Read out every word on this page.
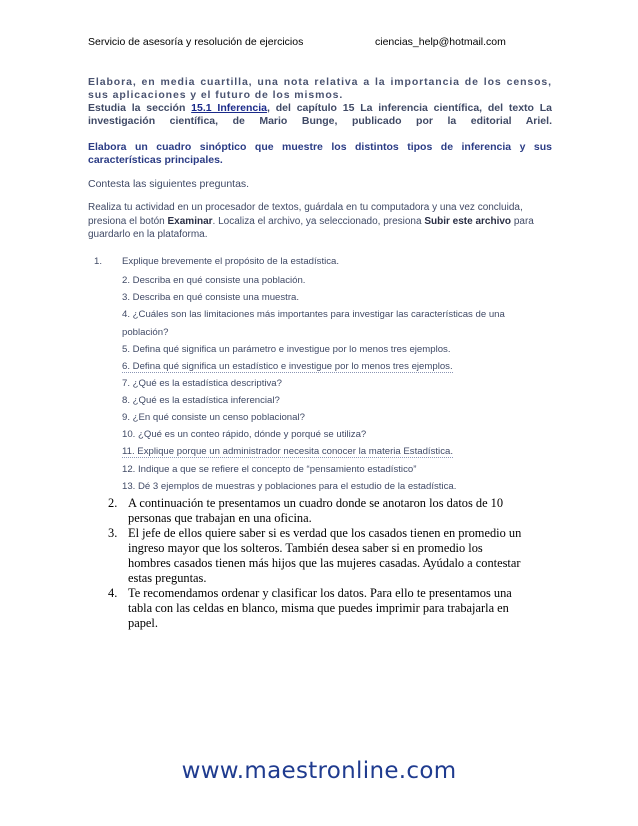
Servicio de asesoría y resolución de ejercicios	ciencias_help@hotmail.com
Elabora, en media cuartilla, una nota relativa a la importancia de los censos, sus aplicaciones y el futuro de los mismos.
Estudia la sección 15.1 Inferencia, del capítulo 15 La inferencia científica, del texto La
investigación científica, de Mario Bunge, publicado por la editorial Ariel.
Elabora un cuadro sinóptico que muestre los distintos tipos de inferencia y sus características principales.
Contesta las siguientes preguntas.
Realiza tu actividad en un procesador de textos, guárdala en tu computadora y una vez concluida, presiona el botón Examinar. Localiza el archivo, ya seleccionado, presiona Subir este archivo para guardarlo en la plataforma.
1. Explique brevemente el propósito de la estadística.
2. Describa en qué consiste una población.
3. Describa en qué consiste una muestra.
4. ¿Cuáles son las limitaciones más importantes para investigar las características de una
población?
5. Defina qué significa un parámetro e investigue por lo menos tres ejemplos.
6. Defina qué significa un estadístico e investigue por lo menos tres ejemplos.
7. ¿Qué es la estadística descriptiva?
8. ¿Qué es la estadística inferencial?
9. ¿En qué consiste un censo poblacional?
10. ¿Qué es un conteo rápido, dónde y porqué se utiliza?
11. Explique porque un administrador necesita conocer la materia Estadística.
12. Indique a que se refiere el concepto de “pensamiento estadístico”
13. Dé 3 ejemplos de muestras y poblaciones para el estudio de la estadística.
2. A continuación te presentamos un cuadro donde se anotaron los datos de 10 personas que trabajan en una oficina.
3. El jefe de ellos quiere saber si es verdad que los casados tienen en promedio un ingreso mayor que los solteros. También desea saber si en promedio los hombres casados tienen más hijos que las mujeres casadas. Ayúdalo a contestar estas preguntas.
4. Te recomendamos ordenar y clasificar los datos. Para ello te presentamos una tabla con las celdas en blanco, misma que puedes imprimir para trabajarla en papel.
www.maestronline.com
